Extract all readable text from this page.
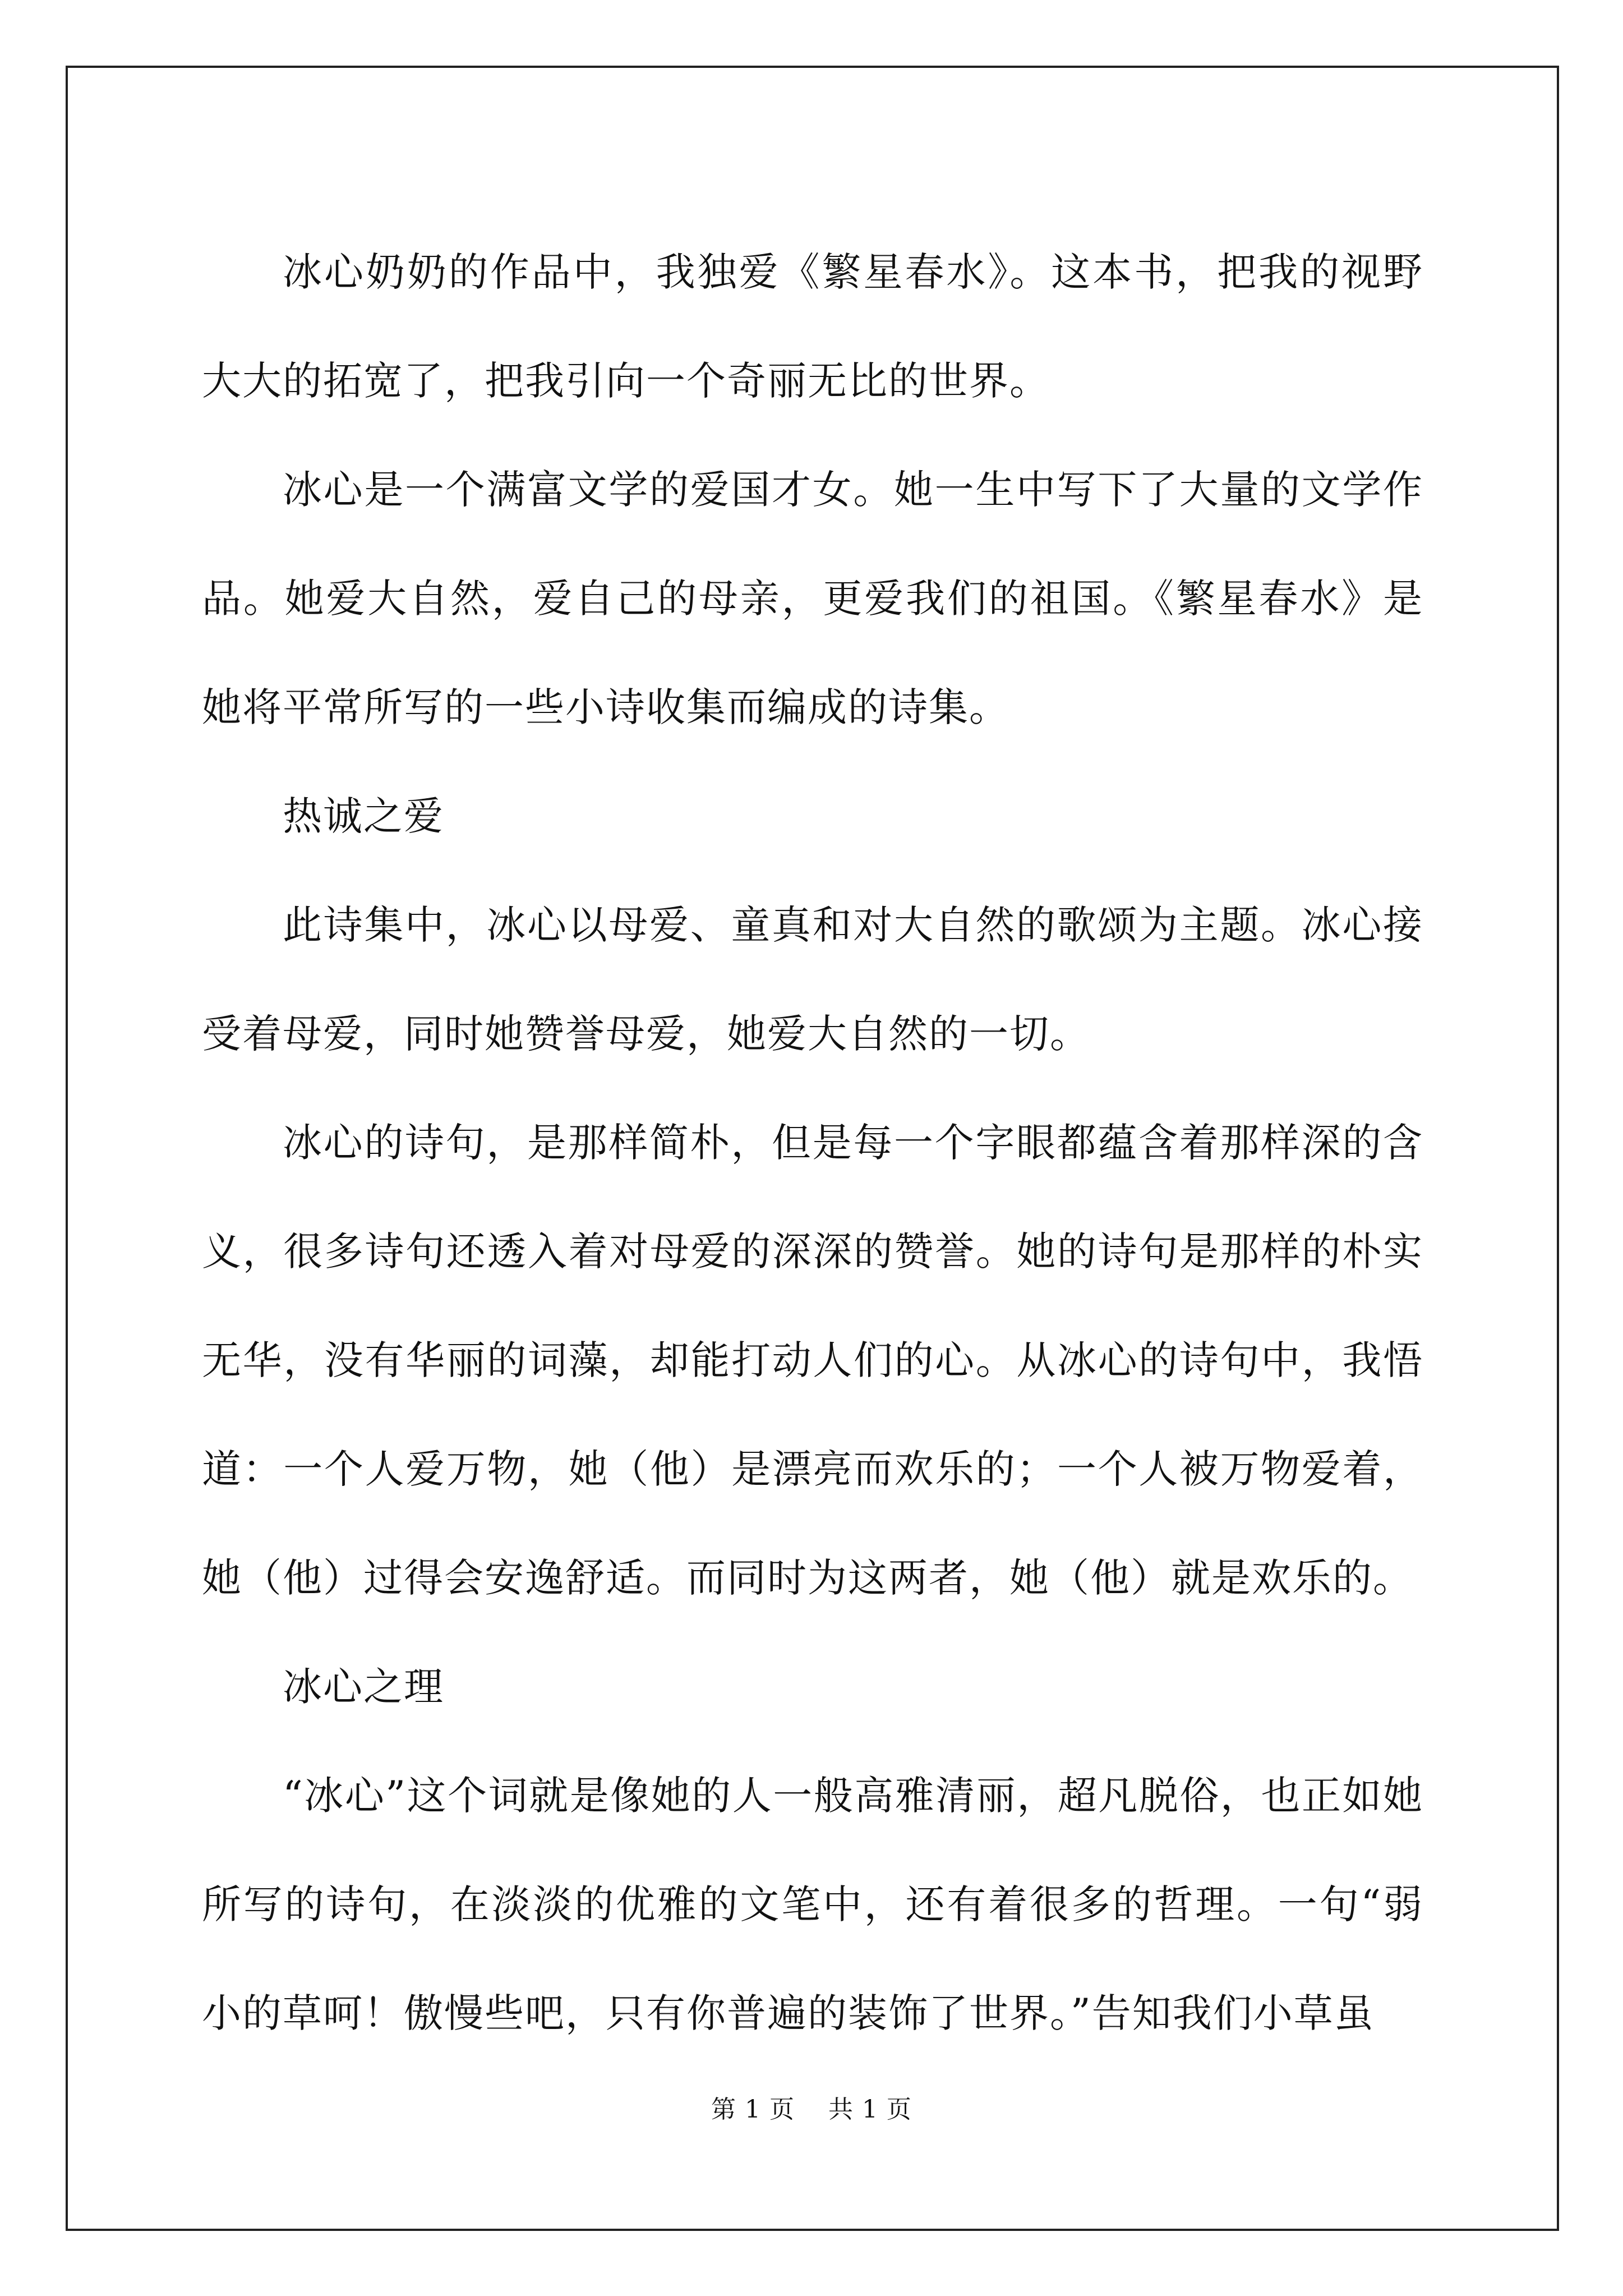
冰心奶奶的作品中，我独爱《繁星春水》。这本书，把我的视野大大的拓宽了，把我引向一个奇丽无比的世界。

冰心是一个满富文学的爱国才女。她一生中写下了大量的文学作品。她爱大自然，爱自己的母亲，更爱我们的祖国。《繁星春水》是她将平常所写的一些小诗收集而编成的诗集。

热诚之爱

此诗集中，冰心以母爱、童真和对大自然的歌颂为主题。冰心接受着母爱，同时她赞誉母爱，她爱大自然的一切。

冰心的诗句，是那样简朴，但是每一个字眼都蕴含着那样深的含义，很多诗句还透入着对母爱的深深的赞誉。她的诗句是那样的朴实无华，没有华丽的词藻，却能打动人们的心。从冰心的诗句中，我悟道：一个人爱万物，她（他）是漂亮而欢乐的；一个人被万物爱着，她（他）过得会安逸舒适。而同时为这两者，她（他）就是欢乐的。

冰心之理

“冰心”这个词就是像她的人一般高雅清丽，超凡脱俗，也正如她所写的诗句，在淡淡的优雅的文笔中，还有着很多的哲理。一句“弱小的草呵！傲慢些吧，只有你普遍的装饰了世界。”告知我们小草虽

第 1 页    共 1 页
